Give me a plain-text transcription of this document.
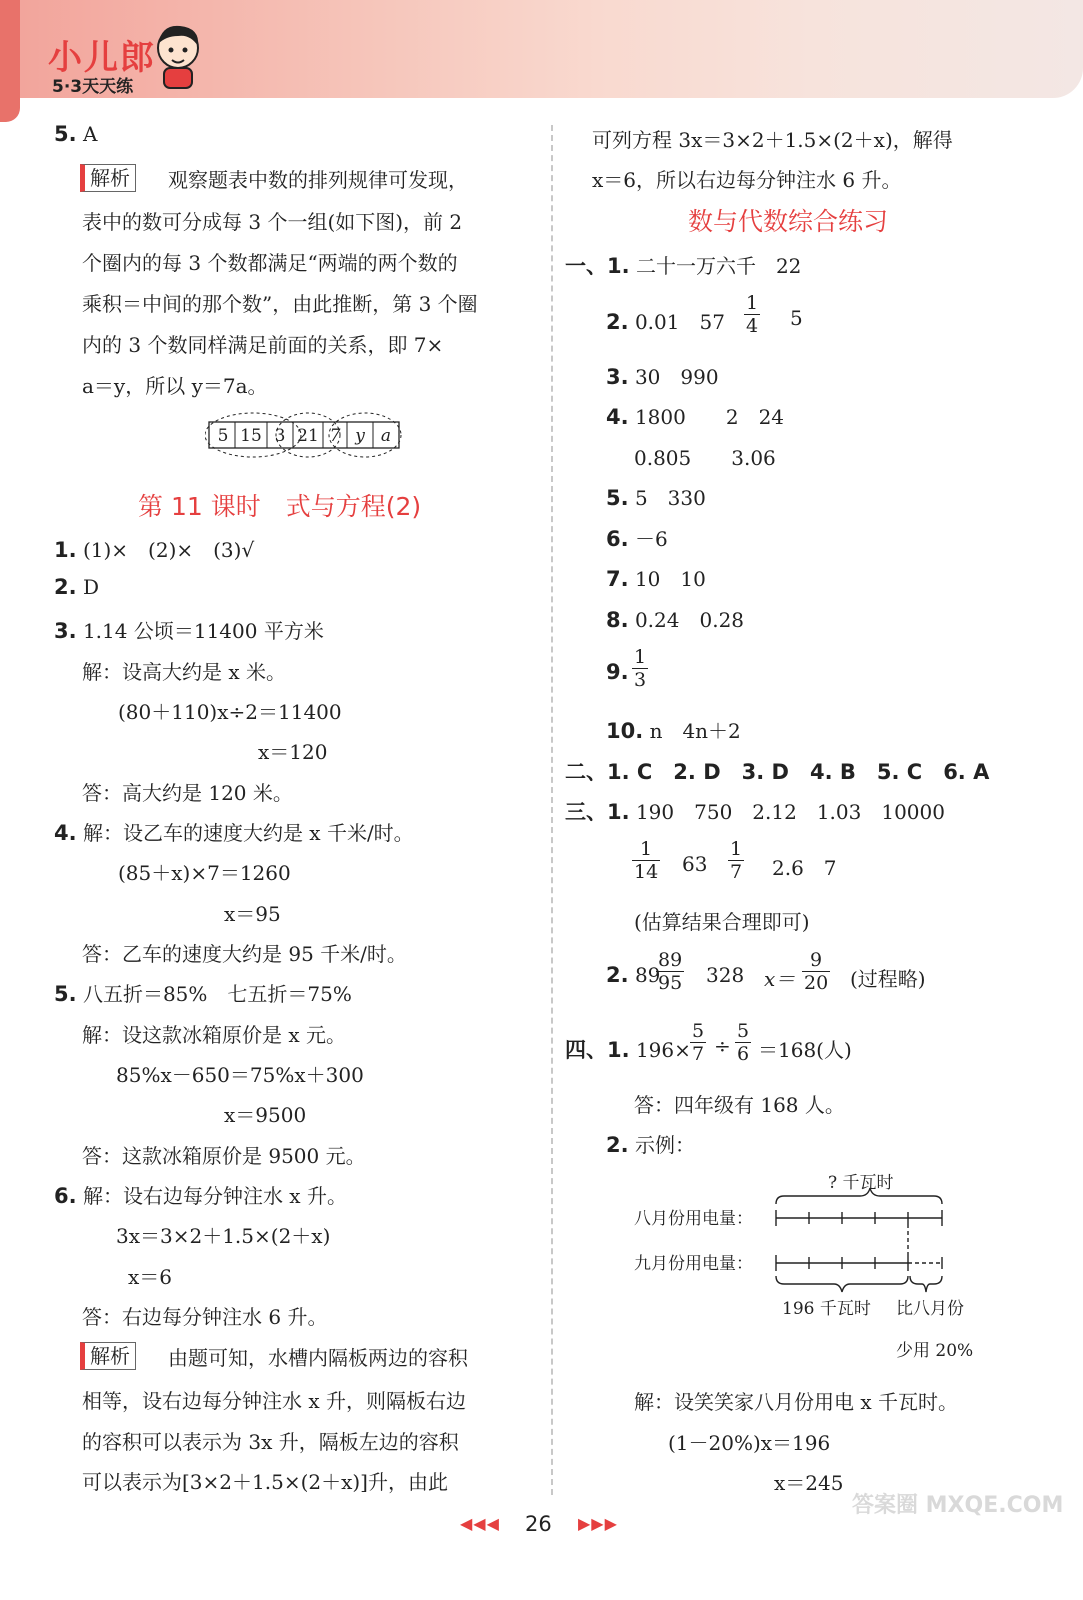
小儿郎
5·3天天练
5. A
解析	观察题表中数的排列规律可发现，
表中的数可分成每 3 个一组(如下图)，前 2
个圈内的每 3 个数都满足“两端的两个数的
乘积＝中间的那个数”，由此推断，第 3 个圈
内的 3 个数同样满足前面的关系，即 7×
a＝y，所以 y＝7a。
5 15 3 21 7 y a
第 11 课时　式与方程(2)
1. (1)×　(2)×　(3)√
2. D
3. 1.14 公顷＝11400 平方米
解：设高大约是 x 米。
(80＋110)x÷2＝11400
x＝120
答：高大约是 120 米。
4. 解：设乙车的速度大约是 x 千米/时。
(85＋x)×7＝1260
x＝95
答：乙车的速度大约是 95 千米/时。
5. 八五折＝85%　七五折＝75%
解：设这款冰箱原价是 x 元。
85%x－650＝75%x＋300
x＝9500
答：这款冰箱原价是 9500 元。
6. 解：设右边每分钟注水 x 升。
3x＝3×2＋1.5×(2＋x)
x＝6
答：右边每分钟注水 6 升。
解析	由题可知，水槽内隔板两边的容积
相等，设右边每分钟注水 x 升，则隔板右边
的容积可以表示为 3x 升，隔板左边的容积
可以表示为[3×2＋1.5×(2＋x)]升，由此
可列方程 3x＝3×2＋1.5×(2＋x)，解得
x＝6，所以右边每分钟注水 6 升。
数与代数综合练习
一、1. 二十一万六千　22
2. 0.01　$57 \frac{1}{4} 5$
3. 30　990
4. 1800　　2　24
0.805　　3.06
5. 5　330
6. －6
7. 10　10
8. 0.24　0.28
9. $\frac{1}{3}$
10. n　4n＋2
二、1. C　2. D　3. D　4. B　5. C　6. A
三、1. 190　750　2.12　1.03　10000
$\frac{1}{14} 63 \frac{1}{7} 2.6$　7
(估算结果合理即可)
2. 89
$\frac{89}{95} 328$ $x= \frac{9}{20}$ (过程略)
四、1. $196\times \frac{5}{7} \div \frac{5}{6} =168$(人)
答：四年级有 168 人。
2. 示例：
? 千瓦时
八月份用电量：
九月份用电量：
196 千瓦时 比八月份
少用 20%
解：设笑笑家八月份用电 x 千瓦时。
(1－20%)x＝196
x＝245
◀◀◀ 26 ▶▶▶
答案圈 MXQE.COM
